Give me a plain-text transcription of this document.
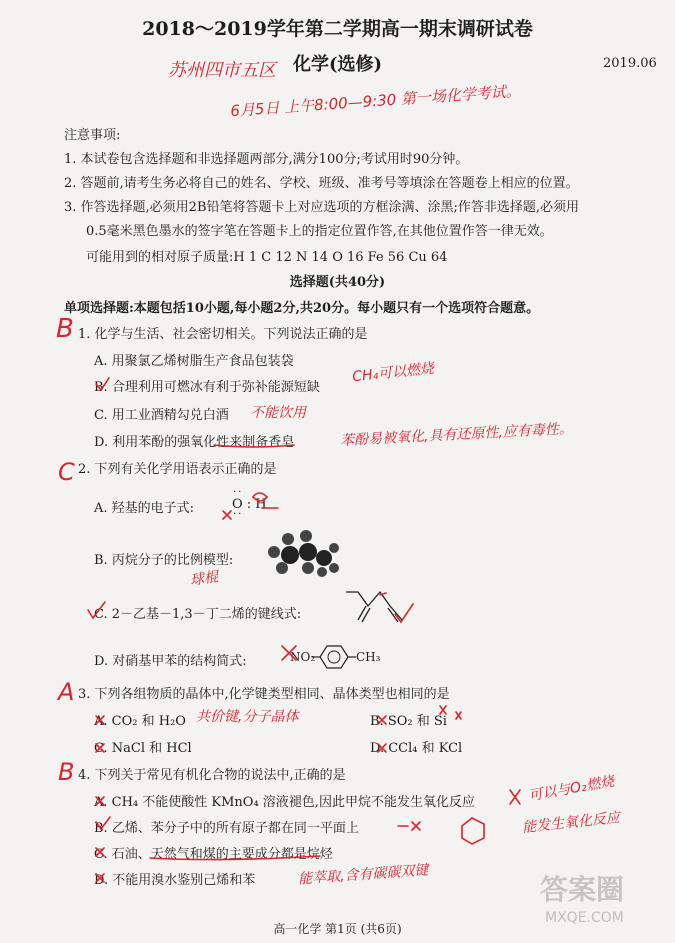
2018～2019学年第二学期高一期末调研试卷
化学(选修)	2019.06
注意事项:
1. 本试卷包含选择题和非选择题两部分,满分100分;考试用时90分钟。
2. 答题前,请考生务必将自己的姓名、学校、班级、准考号等填涂在答题卷上相应的位置。
3. 作答选择题,必须用2B铅笔将答题卡上对应选项的方框涂满、涂黑;作答非选择题,必须用
0.5毫米黑色墨水的签字笔在答题卡上的指定位置作答,在其他位置作答一律无效。
可能用到的相对原子质量:H 1 C 12 N 14 O 16 Fe 56 Cu 64
选择题(共40分)
单项选择题:本题包括10小题,每小题2分,共20分。每小题只有一个选项符合题意。
1. 化学与生活、社会密切相关。下列说法正确的是
A. 用聚氯乙烯树脂生产食品包装袋
B. 合理利用可燃冰有利于弥补能源短缺
C. 用工业酒精勾兑白酒
D. 利用苯酚的强氧化性来制备香皂
2. 下列有关化学用语表示正确的是
A. 羟基的电子式:	O : H
··
··
B. 丙烷分子的比例模型:
C. 2－乙基－1,3－丁二烯的键线式:
D. 对硝基甲苯的结构简式:	NO₂	CH₃
3. 下列各组物质的晶体中,化学键类型相同、晶体类型也相同的是
A. CO₂ 和 H₂O	B. SO₂ 和 Si
C. NaCl 和 HCl	D. CCl₄ 和 KCl
4. 下列关于常见有机化合物的说法中,正确的是
A. CH₄ 不能使酸性 KMnO₄ 溶液褪色,因此甲烷不能发生氧化反应
B. 乙烯、苯分子中的所有原子都在同一平面上
C. 石油、天然气和煤的主要成分都是烷烃
D. 不能用溴水鉴别己烯和苯
高一化学 第1页 (共6页)
答案圈
MXQE.COM
苏州四市五区
6月5日 上午8:00—9:30 第一场化学考试。
B
CH₄可以燃烧
不能饮用
苯酚易被氧化,具有还原性,应有毒性。
C
球棍
A
共价键,分子晶体
B
可以与O₂燃烧
能发生氧化反应
能萃取,含有碳碳双键
